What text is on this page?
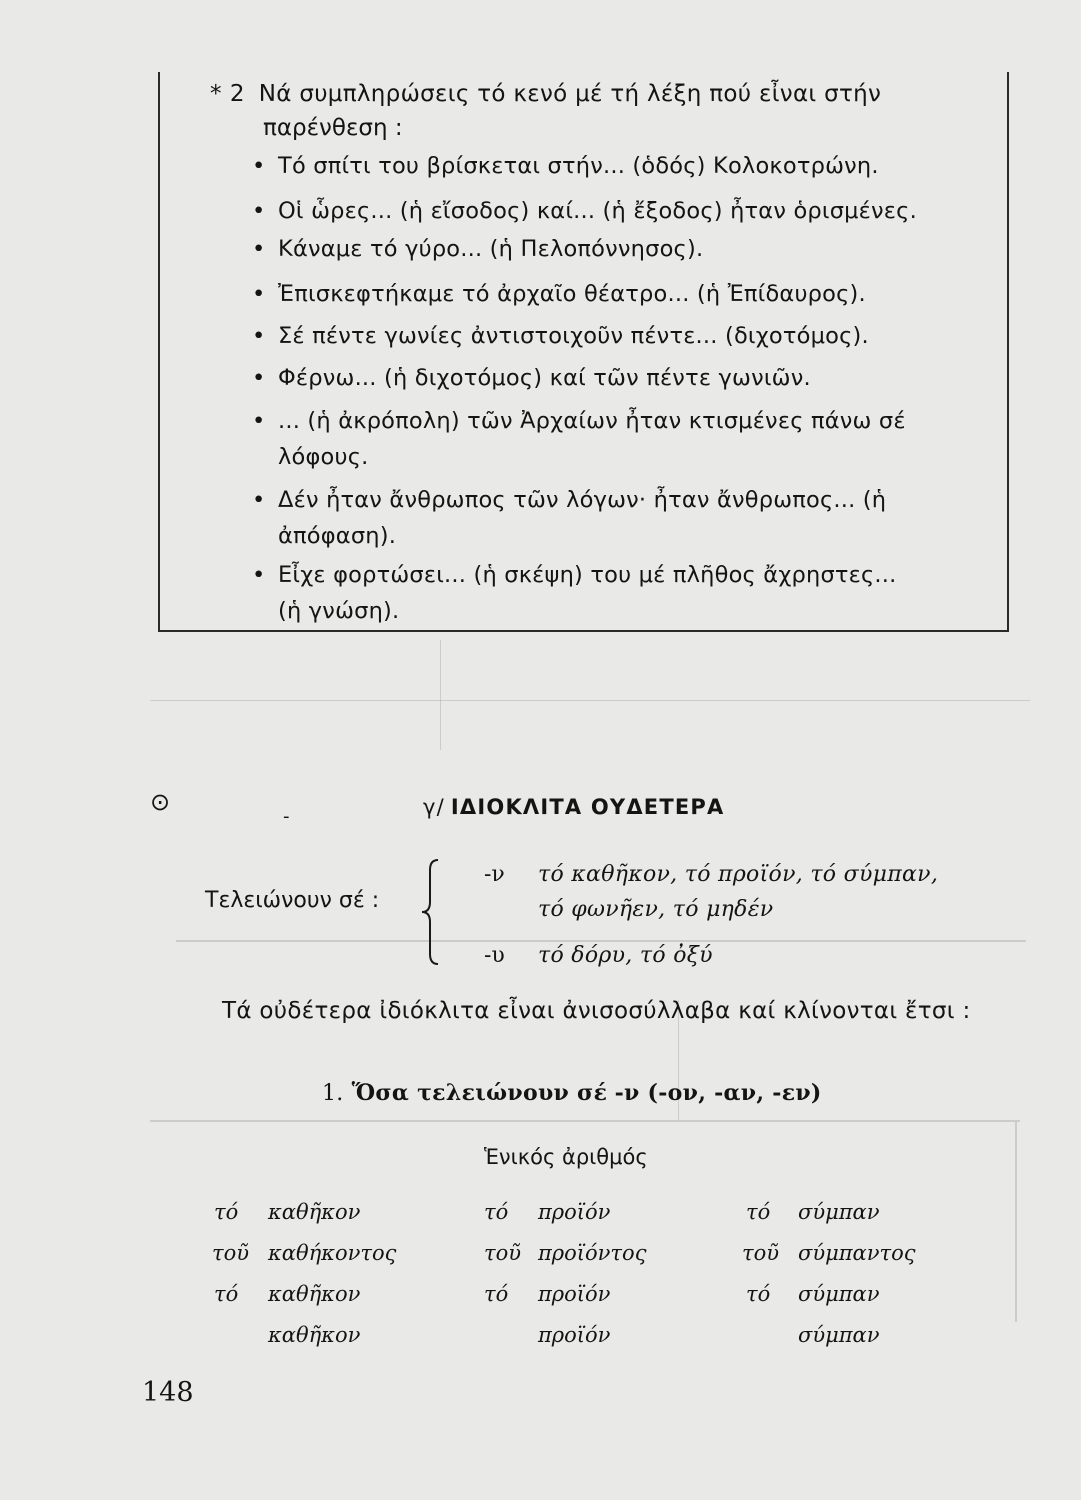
* 2 Νά συμπληρώσεις τό κενό μέ τή λέξη πού εἶναι στήν
παρένθεση :
• Τό σπίτι του βρίσκεται στήν... (ὁδός) Κολοκοτρώνη.
• Οἱ ὧρες... (ἡ εἴσοδος) καί... (ἡ ἔξοδος) ἦταν ὁρισμένες.
• Κάναμε τό γύρο... (ἡ Πελοπόννησος).
• Ἐπισκεφτήκαμε τό ἀρχαῖο θέατρο... (ἡ Ἐπίδαυρος).
• Σέ πέντε γωνίες ἀντιστοιχοῦν πέντε... (διχοτόμος).
• Φέρνω... (ἡ διχοτόμος) καί τῶν πέντε γωνιῶν.
• ... (ἡ ἀκρόπολη) τῶν Ἀρχαίων ἦταν κτισμένες πάνω σέ
λόφους.
• Δέν ἦταν ἄνθρωπος τῶν λόγων· ἦταν ἄνθρωπος... (ἡ
ἀπόφαση).
• Εἶχε φορτώσει... (ἡ σκέψη) του μέ πλῆθος ἄχρηστες...
(ἡ γνώση).
⊙
-	γ/ ΙΔΙΟΚΛΙΤΑ ΟΥΔΕΤΕΡΑ
Τελειώνουν σέ :
-ν τό καθῆκον, τό προϊόν, τό σύμπαν,
τό φωνῆεν, τό μηδέν
-υ τό δόρυ, τό ὀξύ
Τά οὐδέτερα ἰδιόκλιτα εἶναι ἀνισοσύλλαβα καί κλίνονται ἔτσι :
1. Ὅσα τελειώνουν σέ -ν (-ον, -αν, -εν)
Ἑνικός ἀριθμός
τό καθῆκον
τοῦ καθήκοντος
τό καθῆκον
καθῆκον
τό προϊόν
τοῦ προϊόντος
τό προϊόν
προϊόν
τό σύμπαν
τοῦ σύμπαντος
τό σύμπαν
σύμπαν
148
